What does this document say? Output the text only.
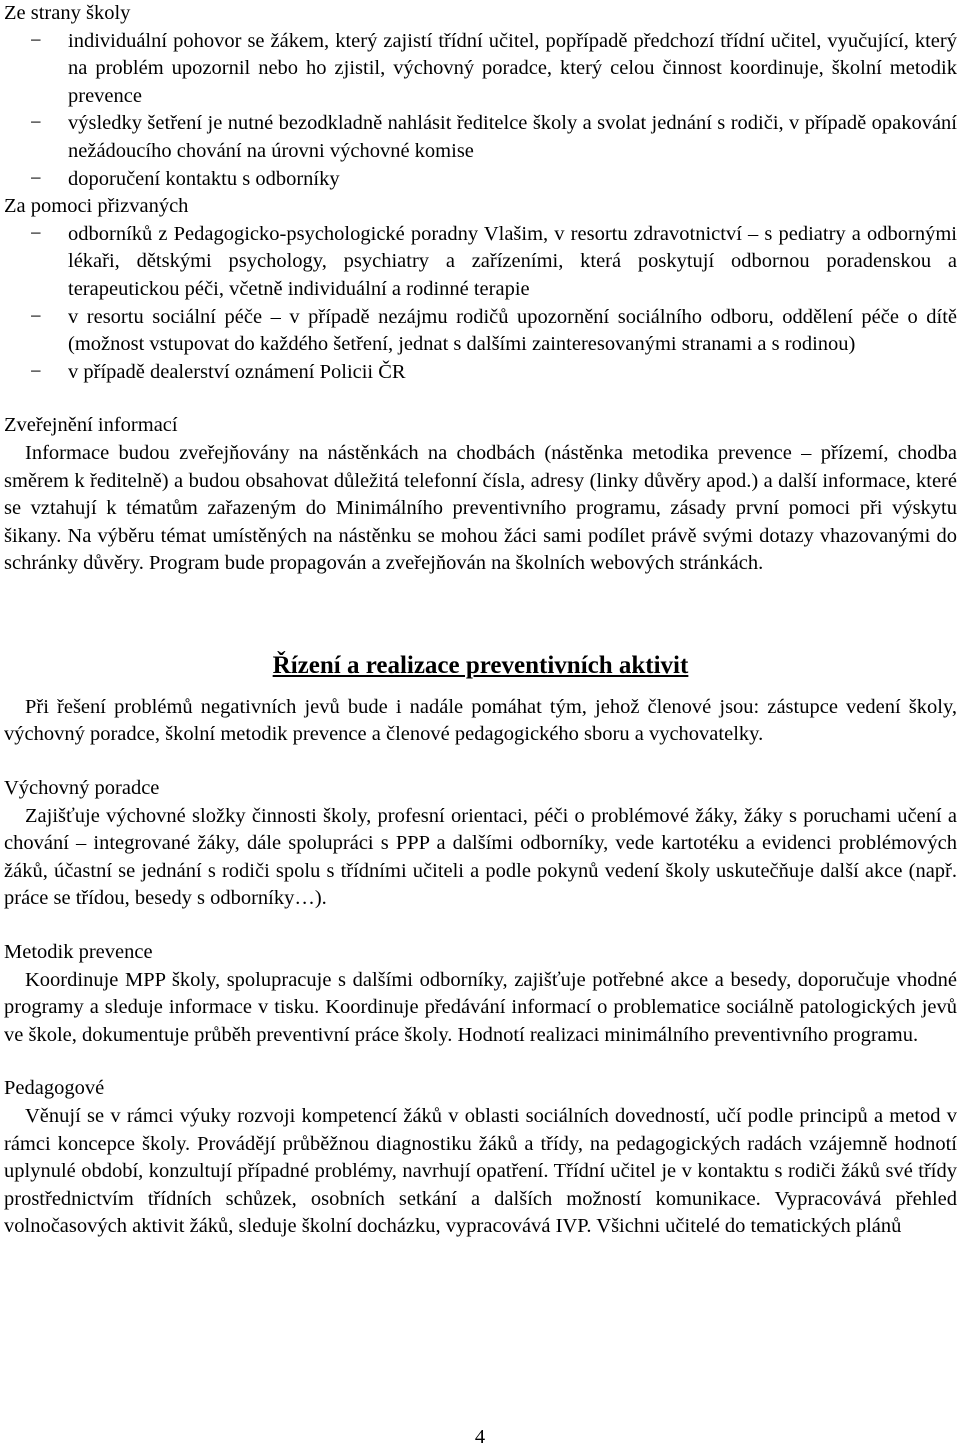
Ze strany školy

− individuální pohovor se žákem, který zajistí třídní učitel, popřípadě předchozí třídní učitel, vyučující, který na problém upozornil nebo ho zjistil, výchovný poradce, který celou činnost koordinuje, školní metodik prevence
− výsledky šetření je nutné bezodkladně nahlásit ředitelce školy a svolat jednání s rodiči, v případě opakování nežádoucího chování na úrovni výchovné komise
− doporučení kontaktu s odborníky

Za pomoci přizvaných

− odborníků z Pedagogicko-psychologické poradny Vlašim, v resortu zdravotnictví – s pediatry a odbornými lékaři, dětskými psychology, psychiatry a zařízeními, která poskytují odbornou poradenskou a terapeutickou péči, včetně individuální a rodinné terapie
− v resortu sociální péče – v případě nezájmu rodičů upozornění sociálního odboru, oddělení péče o dítě (možnost vstupovat do každého šetření, jednat s dalšími zainteresovanými stranami a s rodinou)
− v případě dealerství oznámení Policii ČR

Zveřejnění informací

Informace budou zveřejňovány na nástěnkách na chodbách (nástěnka metodika prevence – přízemí, chodba směrem k ředitelně) a budou obsahovat důležitá telefonní čísla, adresy (linky důvěry apod.) a další informace, které se vztahují k tématům zařazeným do Minimálního preventivního programu, zásady první pomoci při výskytu šikany. Na výběru témat umístěných na nástěnku se mohou žáci sami podílet právě svými dotazy vhazovanými do schránky důvěry. Program bude propagován a zveřejňován na školních webových stránkách.

Řízení a realizace preventivních aktivit

Při řešení problémů negativních jevů bude i nadále pomáhat tým, jehož členové jsou: zástupce vedení školy, výchovný poradce, školní metodik prevence a členové pedagogického sboru a vychovatelky.

Výchovný poradce

Zajišťuje výchovné složky činnosti školy, profesní orientaci, péči o problémové žáky, žáky s poruchami učení a chování – integrované žáky, dále spolupráci s PPP a dalšími odborníky, vede kartotéku a evidenci problémových žáků, účastní se jednání s rodiči spolu s třídními učiteli a podle pokynů vedení školy uskutečňuje další akce (např. práce se třídou, besedy s odborníky…).

Metodik prevence

Koordinuje MPP školy, spolupracuje s dalšími odborníky, zajišťuje potřebné akce a besedy, doporučuje vhodné programy a sleduje informace v tisku. Koordinuje předávání informací o problematice sociálně patologických jevů ve škole, dokumentuje průběh preventivní práce školy. Hodnotí realizaci minimálního preventivního programu.

Pedagogové

Věnují se v rámci výuky rozvoji kompetencí žáků v oblasti sociálních dovedností, učí podle principů a metod v rámci koncepce školy. Provádějí průběžnou diagnostiku žáků a třídy, na pedagogických radách vzájemně hodnotí uplynulé období, konzultují případné problémy, navrhují opatření. Třídní učitel je v kontaktu s rodiči žáků své třídy prostřednictvím třídních schůzek, osobních setkání a dalších možností komunikace. Vypracovává přehled volnočasových aktivit žáků, sleduje školní docházku, vypracovává IVP. Všichni učitelé do tematických plánů

4
